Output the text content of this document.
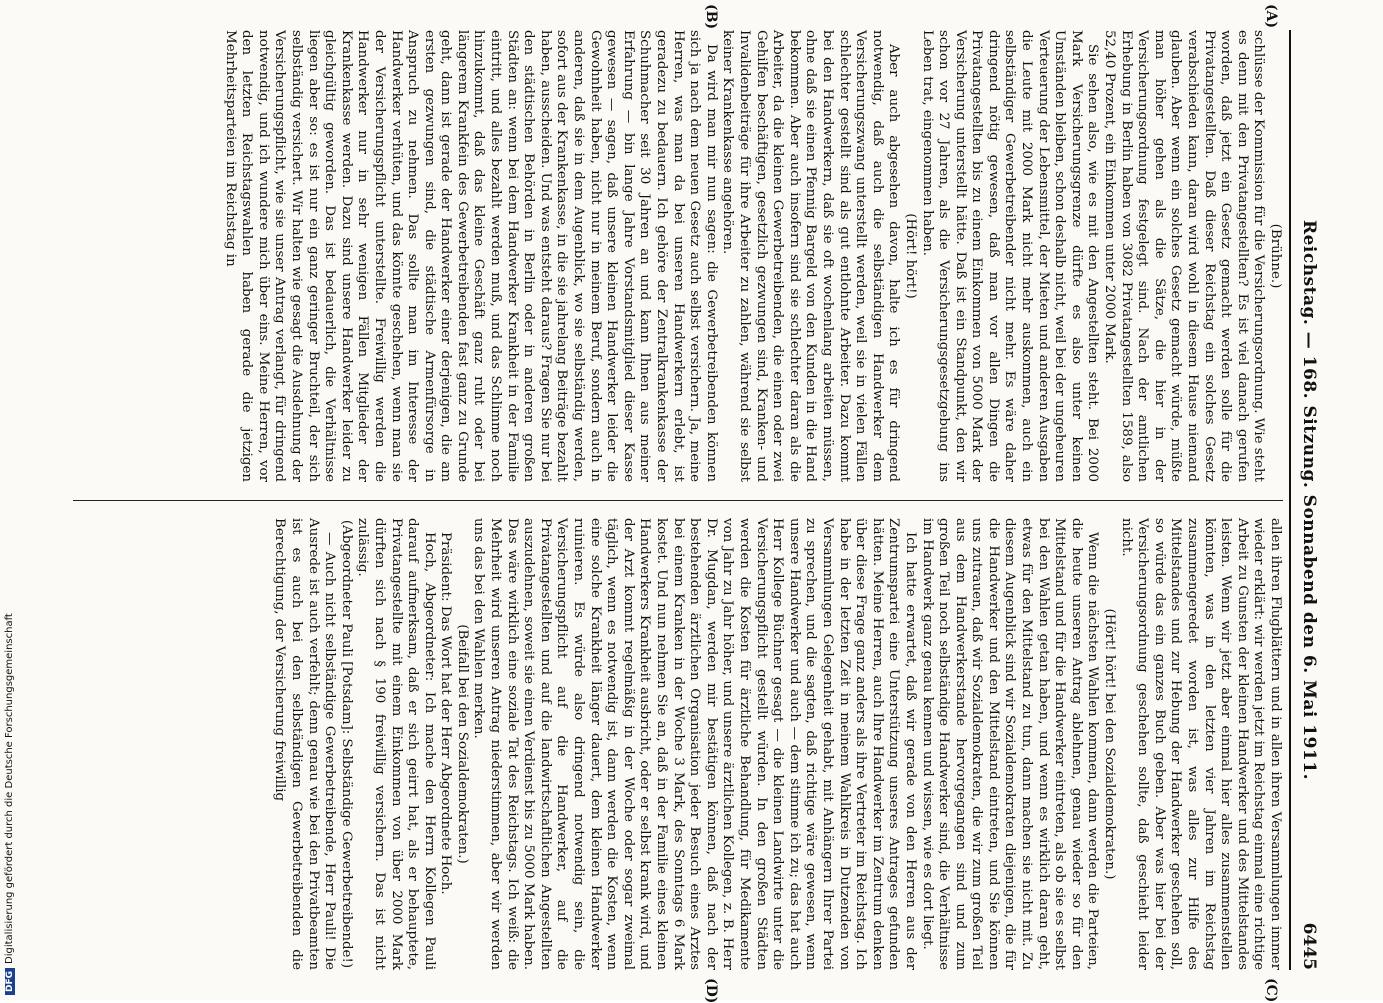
Reichstag. — 168. Sitzung. Sonnabend den 6. Mai 1911.
6445
(A)
(B)
(C)
(D)

(Brühne.)

schlüsse der Kommission für die Versicherungsordnung. Wie steht es denn mit den Privatangestellten? Es ist viel danach gerufen worden, daß jetzt ein Gesetz gemacht werden solle für die Privatangestellten. Daß dieser Reichstag ein solches Gesetz verabschieden kann, daran wird wohl in diesem Hause niemand glauben. Aber wenn ein solches Gesetz gemacht würde, müßte man höher gehen als die Sätze, die hier in der Versicherungsordnung festgelegt sind. Nach der amtlichen Erhebung in Berlin haben von 3082 Privatangestellten 1589, also 52,40 Prozent, ein Einkommen unter 2000 Mark.

Sie sehen also, wie es mit den Angestellten steht. Bei 2000 Mark Versicherungsgrenze dürfte es also unter keinen Umständen bleiben, schon deshalb nicht, weil bei der ungeheuren Verteuerung der Lebensmittel, der Mieten und anderen Ausgaben die Leute mit 2000 Mark nicht mehr auskommen, auch ein selbständiger Gewerbetreibender nicht mehr. Es wäre daher dringend nötig gewesen, daß man vor allen Dingen die Privatangestellten bis zu einem Einkommen von 5000 Mark der Versicherung unterstellt hätte. Daß ist ein Standpunkt, den wir schon vor 27 Jahren, als die Versicherungsgesetzgebung ins Leben trat, eingenommen haben.

(Hört! hört!)

Aber auch abgesehen davon, halte ich es für dringend notwendig, daß auch die selbständigen Handwerker dem Versicherungszwang unterstellt werden, weil sie in vielen Fällen schlechter gestellt sind als gut entlohnte Arbeiter. Dazu kommt bei den Handwerkern, daß sie oft wochenlang arbeiten müssen, ohne daß sie einen Pfennig Bargeld von den Kunden in die Hand bekommen. Aber auch insofern sind sie schlechter daran als die Arbeiter, da die kleinen Gewerbetreibenden, die einen oder zwei Gehilfen beschäftigen, gesetzlich gezwungen sind, Kranken- und Invalidenbeiträge für ihre Arbeiter zu zahlen, während sie selbst keiner Krankenkasse angehören.

Da wird man mir nun sagen: die Gewerbetreibenden können sich ja nach dem neuen Gesetz auch selbst versichern. Ja, meine Herren, was man da bei unseren Handwerkern erlebt, ist geradezu zu bedauern. Ich gehöre der Zentralkrankenkasse der Schuhmacher seit 30 Jahren an und kann Ihnen aus meiner Erfahrung — bin lange Jahre Vorstandsmitglied dieser Kasse gewesen — sagen, daß unsere kleinen Handwerker leider die Gewohnheit haben, nicht nur in meinem Beruf, sondern auch in anderen, daß sie in dem Augenblick, wo sie selbständig werden, sofort aus der Krankenkasse, in die sie jahrelang Beiträge bezahlt haben, ausscheiden. Und was entsteht daraus? Fragen Sie nur bei den städtischen Behörden in Berlin oder in anderen großen Städten an: wenn bei dem Handwerker Krankheit in der Familie eintritt, und alles bezahlt werden muß, und das Schlimme noch hinzukommt, daß das kleine Geschäft ganz ruht oder bei längerem Krankfein des Gewerbetreibenden fast ganz zu Grunde geht, dann ist gerade der Handwerker einer derjenigen, die am ersten gezwungen sind, die städtische Armenfürsorge in Anspruch zu nehmen. Das sollte man im Interesse der Handwerker verhüten, und das könnte geschehen, wenn man sie der Versicherungspflicht unterstellte. Freiwillig werden die Handwerker nur in sehr wenigen Fällen Mitglieder der Krankenkasse werden. Dazu sind unsere Handwerker leider zu gleichgültig geworden. Das ist bedauerlich, die Verhältnisse liegen aber so: es ist nur ein ganz geringer Bruchteil, der sich selbständig versichert. Wir halten wie gesagt die Ausdehnung der Versicherungspflicht, wie sie unser Antrag verlangt, für dringend notwendig, und ich wundere mich über eins. Meine Herren, vor den letzten Reichstagswahlen haben gerade die jetzigen Mehrheitsparteien im Reichstag in

allen ihren Flugblättern und in allen ihren Versammlungen immer wieder erklärt: wir werden jetzt im Reichstag einmal eine richtige Arbeit zu Gunsten der kleinen Handwerker und des Mittelstandes leisten. Wenn wir jetzt aber einmal hier alles zusammenstellen könnten, was in den letzten vier Jahren im Reichstag zusammengeredet worden ist, was alles zur Hilfe des Mittelstandes und zur Hebung der Handwerker geschehen soll, so würde das ein ganzes Buch geben. Aber was hier bei der Versicherungsordnung geschehen sollte, daß geschieht leider nicht.

(Hört! hört! bei den Sozialdemokraten.)

Wenn die nächsten Wahlen kommen, dann werden die Parteien, die heute unseren Antrag ablehnen, genau wieder so für den Mittelstand und für die Handwerker eintreten, als ob sie es selbst bei den Wahlen getan haben, und wenn es wirklich daran geht, etwas für den Mittelstand zu tun, dann machen sie nicht mit. Zu diesem Augenblick sind wir Sozialdemokraten diejenigen, die für die Handwerker und den Mittelstand eintreten, und Sie können uns zutrauen, daß wir Sozialdemokraten, die wir zum großen Teil aus dem Handwerkerstande hervorgegangen sind und zum großen Teil noch selbständige Handwerker sind, die Verhältnisse im Handwerk ganz genau kennen und wissen, wie es dort liegt.

Ich hatte erwartet, daß wir gerade von den Herren aus der Zentrumspartei eine Unterstützung unseres Antrages gefunden hätten. Meine Herren, auch Ihre Handwerker im Zentrum denken über diese Frage ganz anders als ihre Vertreter im Reichstag. Ich habe in der letzten Zeit in meinem Wahlkreis in Dutzenden von Versammlungen Gelegenheit gehabt, mit Anhängern Ihrer Partei zu sprechen, und die sagten, daß richtige wäre gewesen, wenn unsere Handwerker und auch — dem stimme ich zu; das hat auch Herr Kollege Büchner gesagt — die kleinen Landwirte unter die Versicherungspflicht gestellt würden. In den großen Städten werden die Kosten für ärztliche Behandlung, für Medikamente von Jahr zu Jahr höher, und unsere ärztlichen Kollegen, z. B. Herr Dr. Mugdan, werden mir bestätigen können, daß nach der bestehenden ärztlichen Organisation jeder Besuch eines Arztes bei einem Kranken in der Woche 3 Mark, des Sonntags 6 Mark kostet. Und nun nehmen Sie an, daß in der Familie eines kleinen Handwerkers Krankheit ausbricht, oder er selbst krank wird, und der Arzt kommt regelmäßig in der Woche oder sogar zweimal täglich, wenn es notwendig ist, dann werden die Kosten, wenn eine solche Krankheit länger dauert, dem kleinen Handwerker ruinieren. Es würde also dringend notwendig sein, die Versicherungspflicht auf die Handwerker, auf die Privatangestellten und auf die landwirtschaftlichen Angestellten auszudehnen, soweit sie einen Verdienst bis zu 5000 Mark haben. Das wäre wirklich eine soziale Tat des Reichstags. Ich weiß: die Mehrheit wird unseren Antrag niederstimmen, aber wir werden uns das bei den Wahlen merken.

(Beifall bei den Sozialdemokraten.)

Präsident: Das Wort hat der Herr Abgeordnete Hoch.

Hoch, Abgeordneter: Ich mache den Herrn Kollegen Pauli darauf aufmerksam, daß er sich geirrt hat, als er behauptete, Privatangestellte mit einem Einkommen von über 2000 Mark dürften sich nach § 190 freiwillig versichern. Das ist nicht zulässig.

(Abgeordneter Pauli [Potsdam]: Selbständige Gewerbetreibende!)

— Auch nicht selbständige Gewerbetreibende, Herr Pauli! Die Ausrede ist auch verfehlt; denn genau wie bei den Privatbeamten ist es auch bei den selbständigen Gewerbetreibenden die Berechtigung, der Versicherung freiwillig

DFGDigitalisierung gefördert durch die Deutsche Forschungsgemeinschaft
